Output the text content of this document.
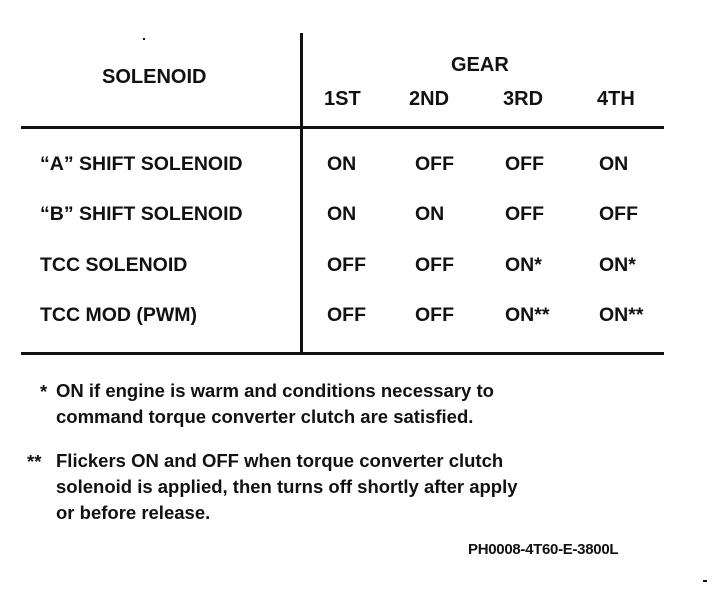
SOLENOID
GEAR
1ST 2ND	3RD	4TH
“A” SHIFT SOLENOID	ON	OFF	OFF	ON
“B” SHIFT SOLENOID	ON	ON	OFF	OFF
TCC SOLENOID	OFF	OFF	ON*	ON*
TCC MOD (PWM)	OFF	OFF	ON**	ON**
* ON if engine is warm and conditions necessary to
command torque converter clutch are satisfied.
** Flickers ON and OFF when torque converter clutch
solenoid is applied, then turns off shortly after apply
or before release.
PH0008-4T60-E-3800L
